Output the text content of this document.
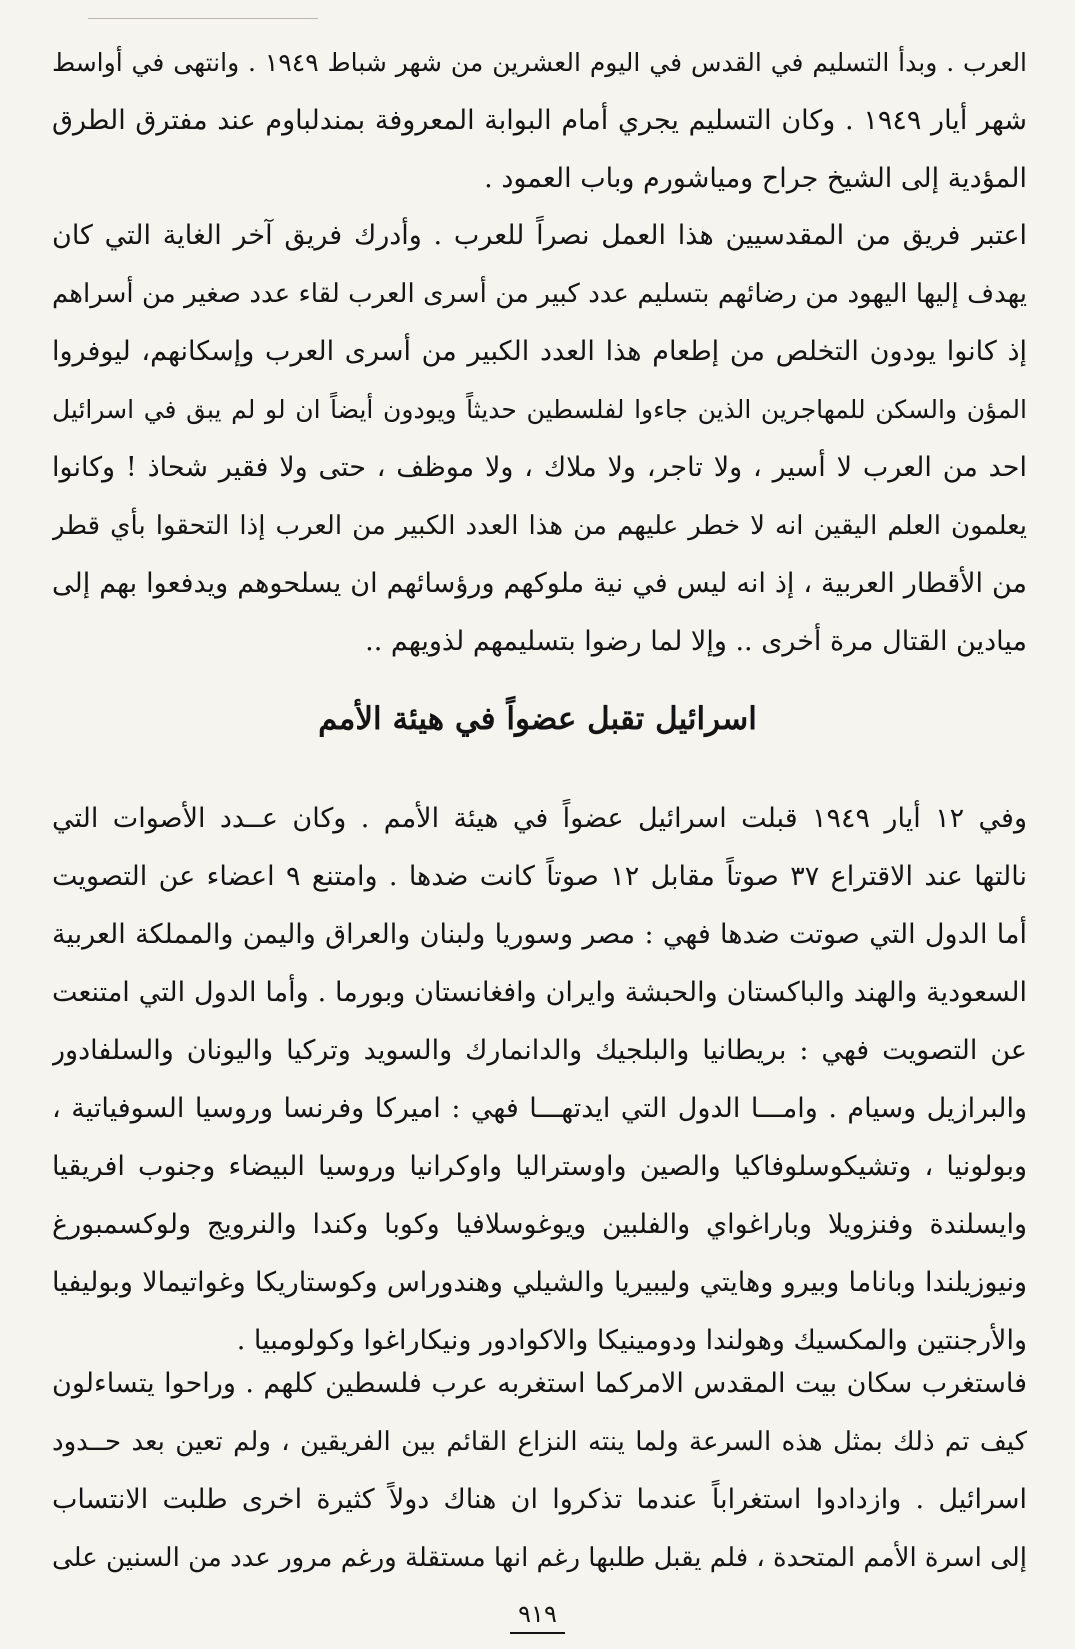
العرب . وبدأ التسليم في القدس في اليوم العشرين من شهر شباط ١٩٤٩ . وانتهى في أواسط
شهر أيار ١٩٤٩ . وكان التسليم يجري أمام البوابة المعروفة بمندلباوم عند مفترق الطرق
المؤدية إلى الشيخ جراح ومياشورم وباب العمود .
اعتبر فريق من المقدسيين هذا العمل نصراً للعرب . وأدرك فريق آخر الغاية التي كان
يهدف إليها اليهود من رضائهم بتسليم عدد كبير من أسرى العرب لقاء عدد صغير من أسراهم
إذ كانوا يودون التخلص من إطعام هذا العدد الكبير من أسرى العرب وإسكانهم، ليوفروا
المؤن والسكن للمهاجرين الذين جاءوا لفلسطين حديثاً ويودون أيضاً ان لو لم يبق في اسرائيل
احد من العرب لا أسير ، ولا تاجر، ولا ملاك ، ولا موظف ، حتى ولا فقير شحاذ ! وكانوا
يعلمون العلم اليقين انه لا خطر عليهم من هذا العدد الكبير من العرب إذا التحقوا بأي قطر
من الأقطار العربية ، إذ انه ليس في نية ملوكهم ورؤسائهم ان يسلحوهم ويدفعوا بهم إلى
ميادين القتال مرة أخرى .. وإلا لما رضوا بتسليمهم لذويهم ..
اسرائيل تقبل عضواً في هيئة الأمم
وفي ١٢ أيار ١٩٤٩ قبلت اسرائيل عضواً في هيئة الأمم . وكان عــدد الأصوات التي
نالتها عند الاقتراع ٣٧ صوتاً مقابل ١٢ صوتاً كانت ضدها . وامتنع ٩ اعضاء عن التصويت
أما الدول التي صوتت ضدها فهي : مصر وسوريا ولبنان والعراق واليمن والمملكة العربية
السعودية والهند والباكستان والحبشة وايران وافغانستان وبورما . وأما الدول التي امتنعت
عن التصويت فهي : بريطانيا والبلجيك والدانمارك والسويد وتركيا واليونان والسلفادور
والبرازيل وسيام . وامـــا الدول التي ايدتهـــا فهي : اميركا وفرنسا وروسيا السوفياتية ،
وبولونيا ، وتشيكوسلوفاكيا والصين واوستراليا واوكرانيا وروسيا البيضاء وجنوب افريقيا
وايسلندة وفنزويلا وباراغواي والفلبين ويوغوسلافيا وكوبا وكندا والنرويج ولوكسمبورغ
ونيوزيلندا وباناما وبيرو وهايتي وليبيريا والشيلي وهندوراس وكوستاريكا وغواتيمالا وبوليفيا
والأرجنتين والمكسيك وهولندا ودومينيكا والاكوادور ونيكاراغوا وكولومبيا .
فاستغرب سكان بيت المقدس الامركما استغربه عرب فلسطين كلهم . وراحوا يتساءلون
كيف تم ذلك بمثل هذه السرعة ولما ينته النزاع القائم بين الفريقين ، ولم تعين بعد حــدود
اسرائيل . وازدادوا استغراباً عندما تذكروا ان هناك دولاً كثيرة اخرى طلبت الانتساب
إلى اسرة الأمم المتحدة ، فلم يقبل طلبها رغم انها مستقلة ورغم مرور عدد من السنين على
٩١٩
